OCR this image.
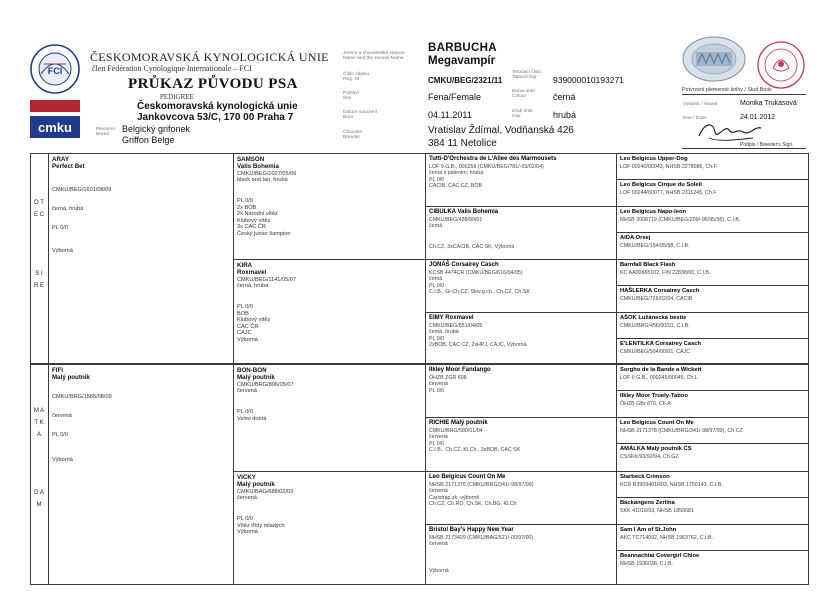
FCI
cmku
ČESKOMORAVSKÁ KYNOLOGICKÁ UNIE
člen Fédération Cynologique Internationale – FCI
PRŮKAZ PŮVODU PSA
PEDIGREE
Českomoravská kynologická unie
Jankovcova 53/C, 170 00 Praha 7
Plemeno
Breed
Belgický grifonek
Griffon Belge
Jméno a chovatelská stanice
Name and the Kennel Name
BARBUCHA
Megavampír
Číslo zápisu
Reg. Nr.	CMKU/BEG/2321/11
Tetovací číslo
Tattoo/Chip	939000010193271
Pohlaví
Sex	Fena/Female
Barva srsti
Colour	černá
Datum narození
Born	04.11.2011	Druh srsti
Hair	hrubá
Chovatel
Breeder
Vratislav Ždímal, Vodňanská 426
384 11 Netolice
Potvrzení plemenné knihy / Stud Book
Vystavil / Issued	Monika Trukasová
Dne / Date	24.01.2012
Podpis / Breeder's Sign.
O T E C
S I R E
M A T K A
D A M
ARAY
Perfect Bet
CMKU/BEG/1601/08/09
černá, hrubá
PL 0/0
Výborná
FIFI
Malý poutník
CMKU/BRG/1565/08/09
červená
PL 0/0
Výborná
SAMSON
Valis Bohemia
CMKU/BEG/1027/05/06
black and tan, hrubá
PL 0/0
2x BOB
2x Národní vítěz
Klubový vítěz
3x CAC ČR
Český junior šampion
KIRA
Roxmavel
CMKU/BEG/1141/05/07
černá, hrubá
PL 0/0
BOB
Klubový vítěz
CAC ČR
CAJC
Výborná
BON-BON
Malý poutník
CMKU/BRG/896/05/07
červená
PL 0/0
Velmi dobrá
VICKY
Malý poutník
CMKU/BAG/688/02/03
červená
PL 0/0
Vítěz třídy mladých
Výborná
Tutti-D'Orchestra de L'Allee des Marmousets
LOF 9.G.B., 000256 (CMKU/BEG/781/-03/02/04)
černá s pálením, hrubá
PL 0/0
CACIB, CAC CZ, BOB
CIBULKA Valis Bohemia
CMKU/BEG/438/99/01
černá
Ch.CZ, 3xCACIB, CAC SK, Výborná
JONÁŠ Corsairey Casch
KCSB 4474CR (CMKU/BEG/616/04/05)
černá
PL 0/0
C.I.B., Gr.Ch.CZ, Slov.g.ch., Ch.CZ, Ch.SK
EIMY Roxmavel
CMKU/BEG/651/04/05
černá, hrubá
PL 0/0
2xBOB, CAC CZ, 2xHPJ, CAJC, Výborná
Ilkley Moor Fandango
ÖHZB ZGR 698
červená
PL 0/0
RICHIE Malý poutník
CMKU/BRG/580/01/04
červená
PL 0/0
C.I.B., Ch.CZ, Kl.Ch., 3xBOB, CAC SK
Leo Belgicus Count On Me
NHSB 2171376 (CMKU/BRG/341/-98/97/99)
červená
Caristrap.zk.-výborně
Ch.CZ, Ch.RO, Ch.SK, Ch.BG, Kl.Ch.
Bristol Bay's Happy New Year
NHSB 2173429 (CMKU/BAG/521/-00/97/00)
červená
Výborná
Leo Belgicus Upper-Dog
LOF 00240/00043, NHSB 2278086, Ch.F
Leo Belgicus Cirque du Soleil
LOF 00244/00077, NHSB 2311245, Ch.F
Leo Belgicus Napo-leon
NHSB 2008719 (CMKU/BEG/209/-96/95/95), C.I.B.
AIDA Orsej
CMKU/BEG/194/95/98, C.I.B.
Barnfall Black Flash
KC AA00665102, FIN 22838/00, C.I.B.
HAŠLERKA Corsairey Casch
CMKU/BEG/726/02/04, CACIB
AŠOK Lužánecká bestie
CMKU/BRG/456/00/01, C.I.B.
E'LENTILKA Corsairey Casch
CMKU/BEG/504/00/01, CAJC
Sorgho de la Bande a Wickett
LOF II G.B., 000245/00045, Ch.L
Ilkley Moor Truely-Taboo
ÖHZB GBr 870, Ch.A
Leo Belgicus Count On Me
NHSB 2171378 (CMKU/BRG/341/-98/97/99), Ch.CZ
AMÁLKA Malý poutník CS
CSSKK/93/92/94, Ch.GZ
Starbeck Crimson
KCR R3909401R03, NHSB 1750143, C.I.B.
Backängens Zerlina
SKK 41016/93, NHSB 1850681
Sam I Am of St.John
AKC TC714092, NHSB 1963762, C.I.B.
Beannachtai Covergirl Chloe
NHSB 1936036, C.I.B.
